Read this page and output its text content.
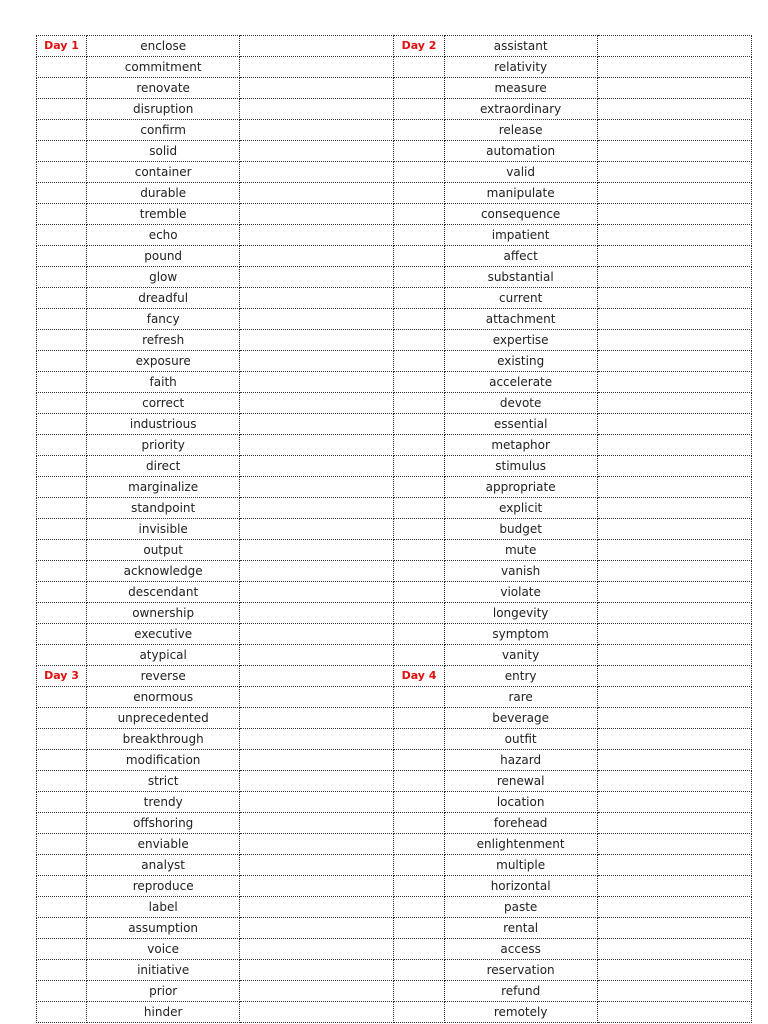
Day 1	enclose		Day 2	assistant	
	commitment			relativity	
	renovate			measure	
	disruption			extraordinary	
	confirm			release	
	solid			automation	
	container			valid	
	durable			manipulate	
	tremble			consequence	
	echo			impatient	
	pound			affect	
	glow			substantial	
	dreadful			current	
	fancy			attachment	
	refresh			expertise	
	exposure			existing	
	faith			accelerate	
	correct			devote	
	industrious			essential	
	priority			metaphor	
	direct			stimulus	
	marginalize			appropriate	
	standpoint			explicit	
	invisible			budget	
	output			mute	
	acknowledge			vanish	
	descendant			violate	
	ownership			longevity	
	executive			symptom	
	atypical			vanity	
Day 3	reverse		Day 4	entry	
	enormous			rare	
	unprecedented			beverage	
	breakthrough			outfit	
	modification			hazard	
	strict			renewal	
	trendy			location	
	offshoring			forehead	
	enviable			enlightenment	
	analyst			multiple	
	reproduce			horizontal	
	label			paste	
	assumption			rental	
	voice			access	
	initiative			reservation	
	prior			refund	
	hinder			remotely	
